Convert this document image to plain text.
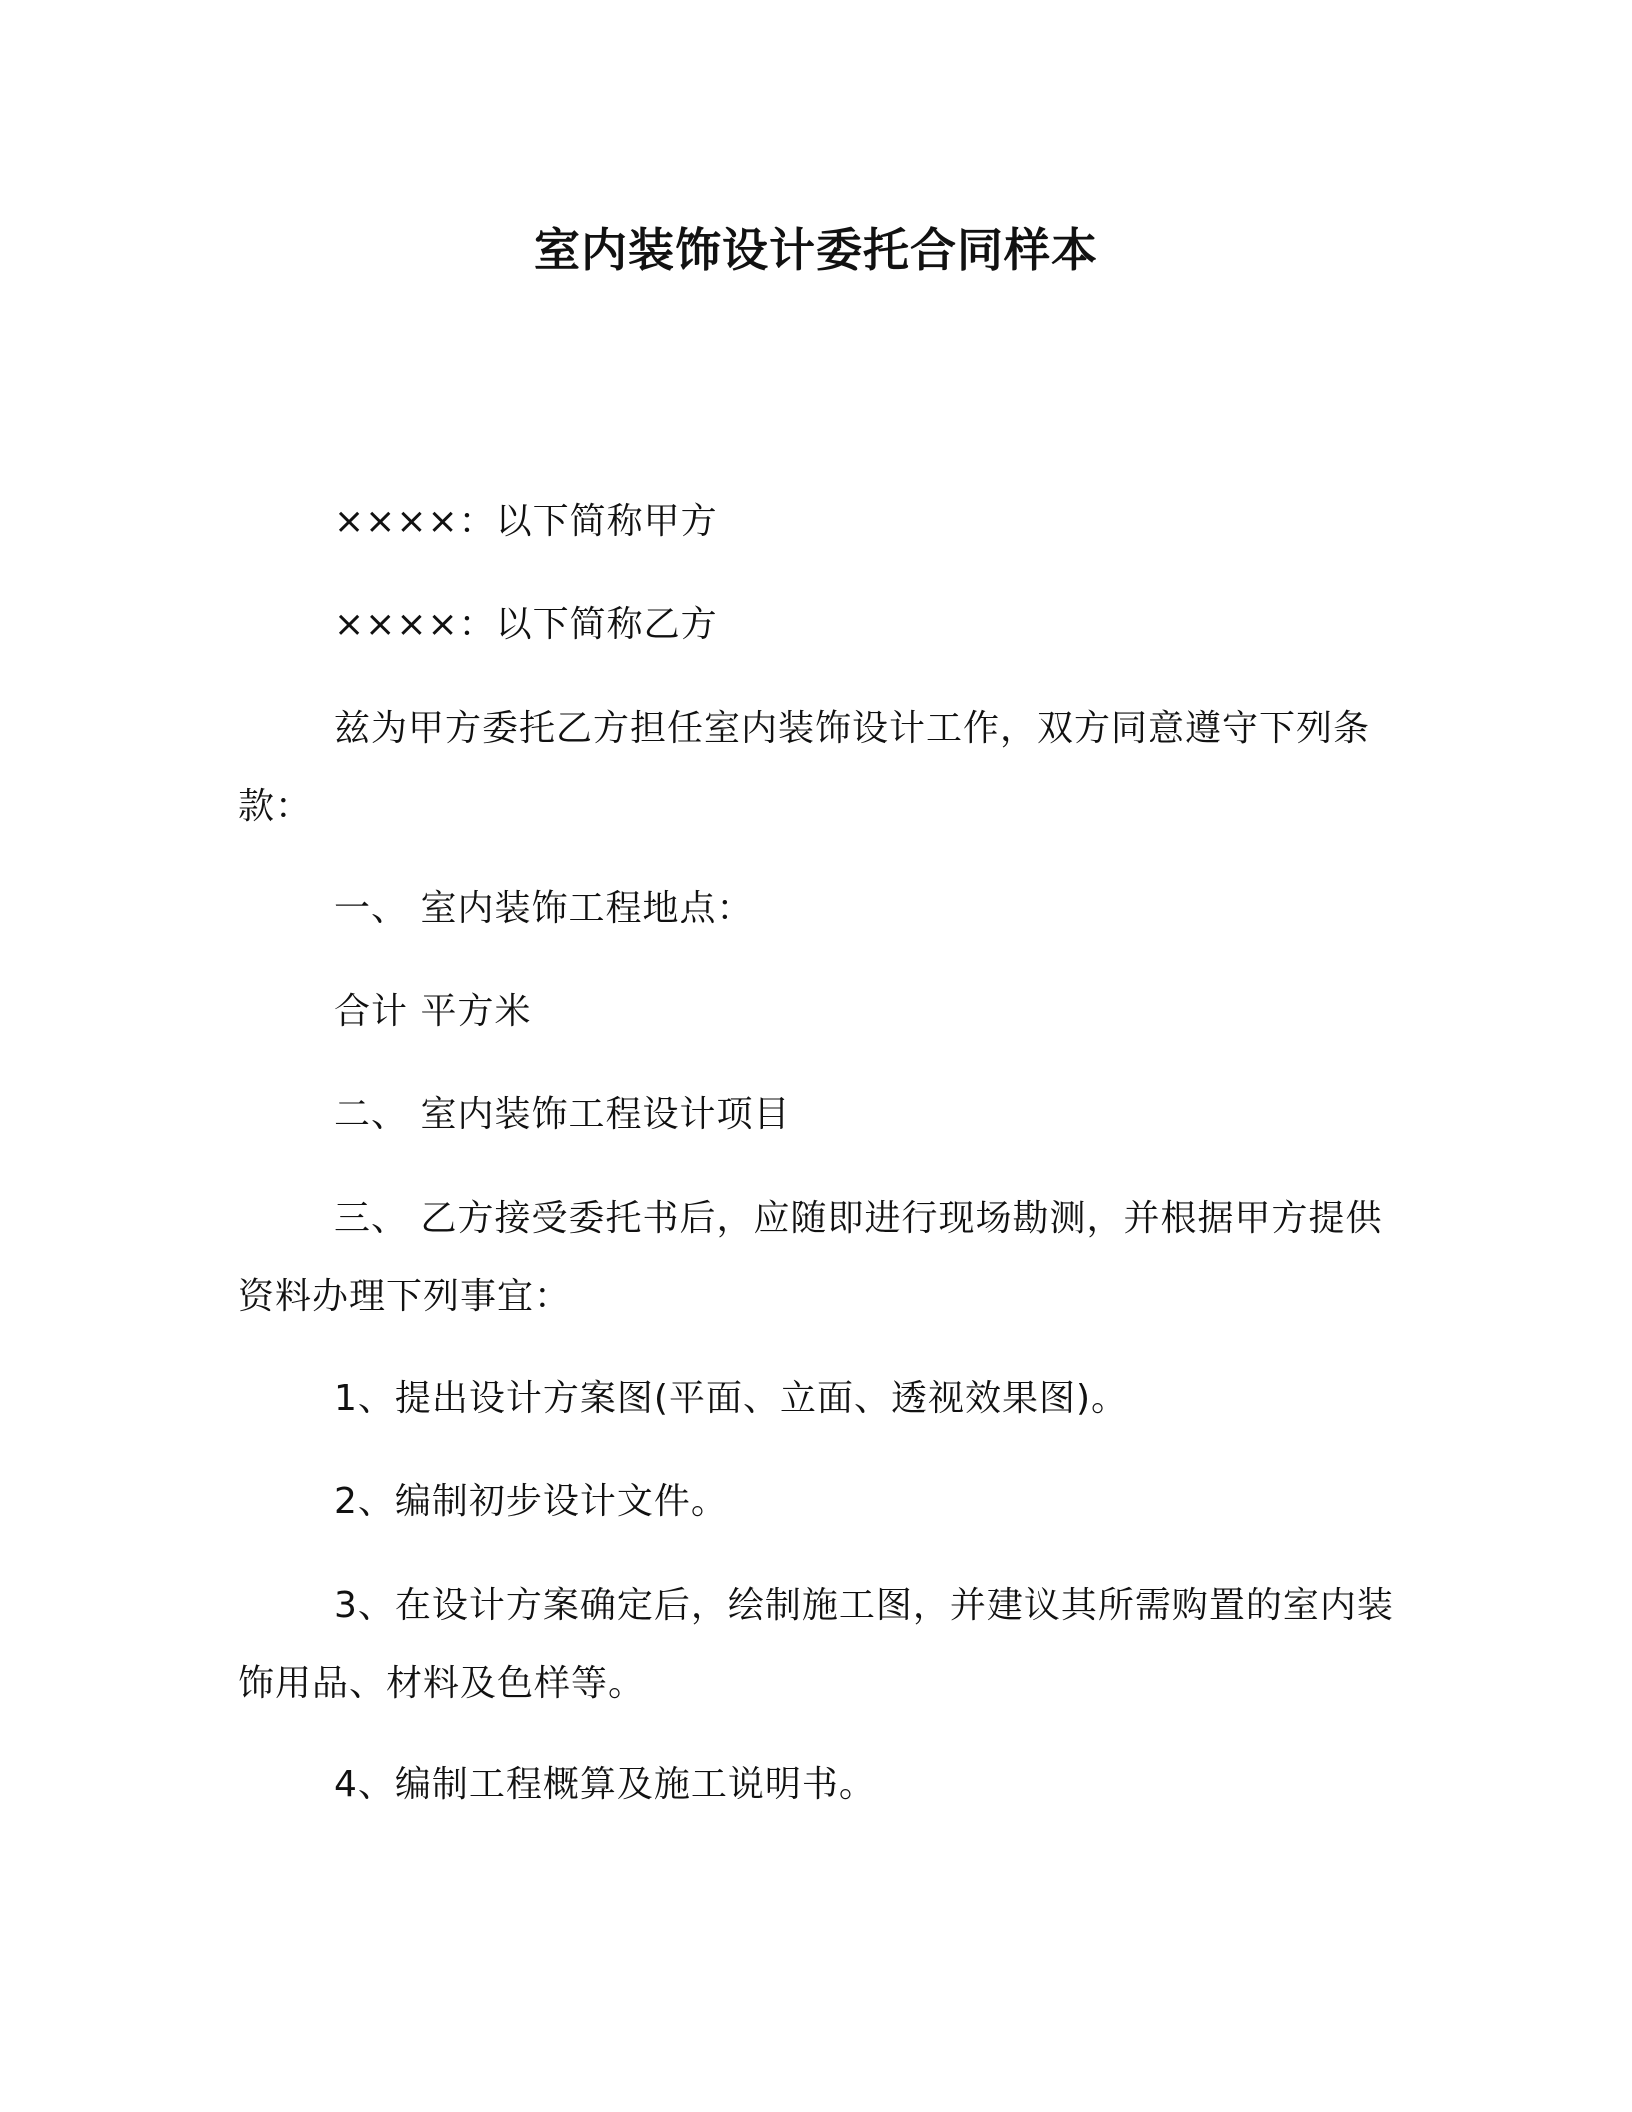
室内装饰设计委托合同样本

××××：以下简称甲方

××××：以下简称乙方

兹为甲方委托乙方担任室内装饰设计工作，双方同意遵守下列条款：

一、 室内装饰工程地点：

合计 平方米

二、 室内装饰工程设计项目

三、 乙方接受委托书后，应随即进行现场勘测，并根据甲方提供资料办理下列事宜：

1、提出设计方案图(平面、立面、透视效果图)。

2、编制初步设计文件。

3、在设计方案确定后，绘制施工图，并建议其所需购置的室内装饰用品、材料及色样等。

4、编制工程概算及施工说明书。
